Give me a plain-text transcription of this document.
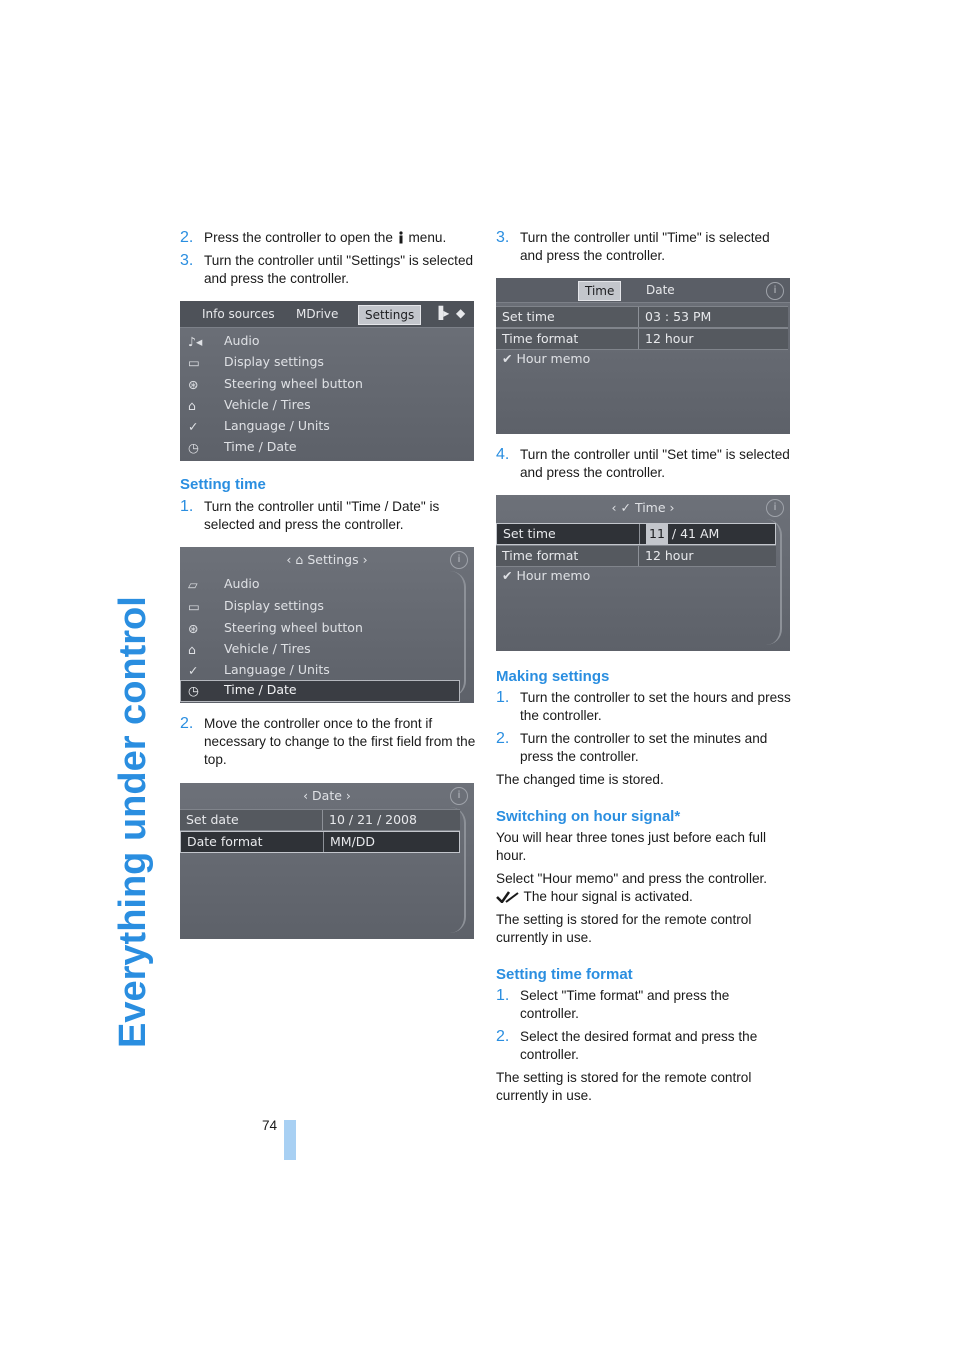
Everything under control
2. Press the controller to open the menu.

3. Turn the controller until "Settings" is selected and press the controller.

Info sources MDrive	Settings	▐▸ ◆
♪◂ Audio
▭ Display settings
⊛ Steering wheel button
⌂ Vehicle / Tires
✓ Language / Units
◷ Time / Date
Setting time
1. Turn the controller until "Time / Date" is selected and press the controller.

‹ ⌂ Settings ›	i
▱ Audio
▭ Display settings
⊛ Steering wheel button
⌂ Vehicle / Tires
✓ Language / Units
◷ Time / Date
2. Move the controller once to the front if necessary to change to the first field from the top.

‹ Date ›	i
Set date	10 / 21 / 2008
Date format	MM/DD
3. Turn the controller until "Time" is selected and press the controller.

Time	Date	i
Set time	03 : 53 PM
Time format	12 hour
✔ Hour memo
4. Turn the controller until "Set time" is selected and press the controller.

‹ ✓ Time ›	i
Set time	11 / 41 AM
Time format	12 hour
✔ Hour memo
Making settings
1. Turn the controller to set the hours and press the controller.

2. Turn the controller to set the minutes and press the controller.

The changed time is stored.

Switching on hour signal*

You will hear three tones just before each full hour.

Select "Hour memo" and press the controller.
The hour signal is activated.

The setting is stored for the remote control currently in use.

Setting time format
1. Select "Time format" and press the controller.

2. Select the desired format and press the controller.

The setting is stored for the remote control currently in use.

74
